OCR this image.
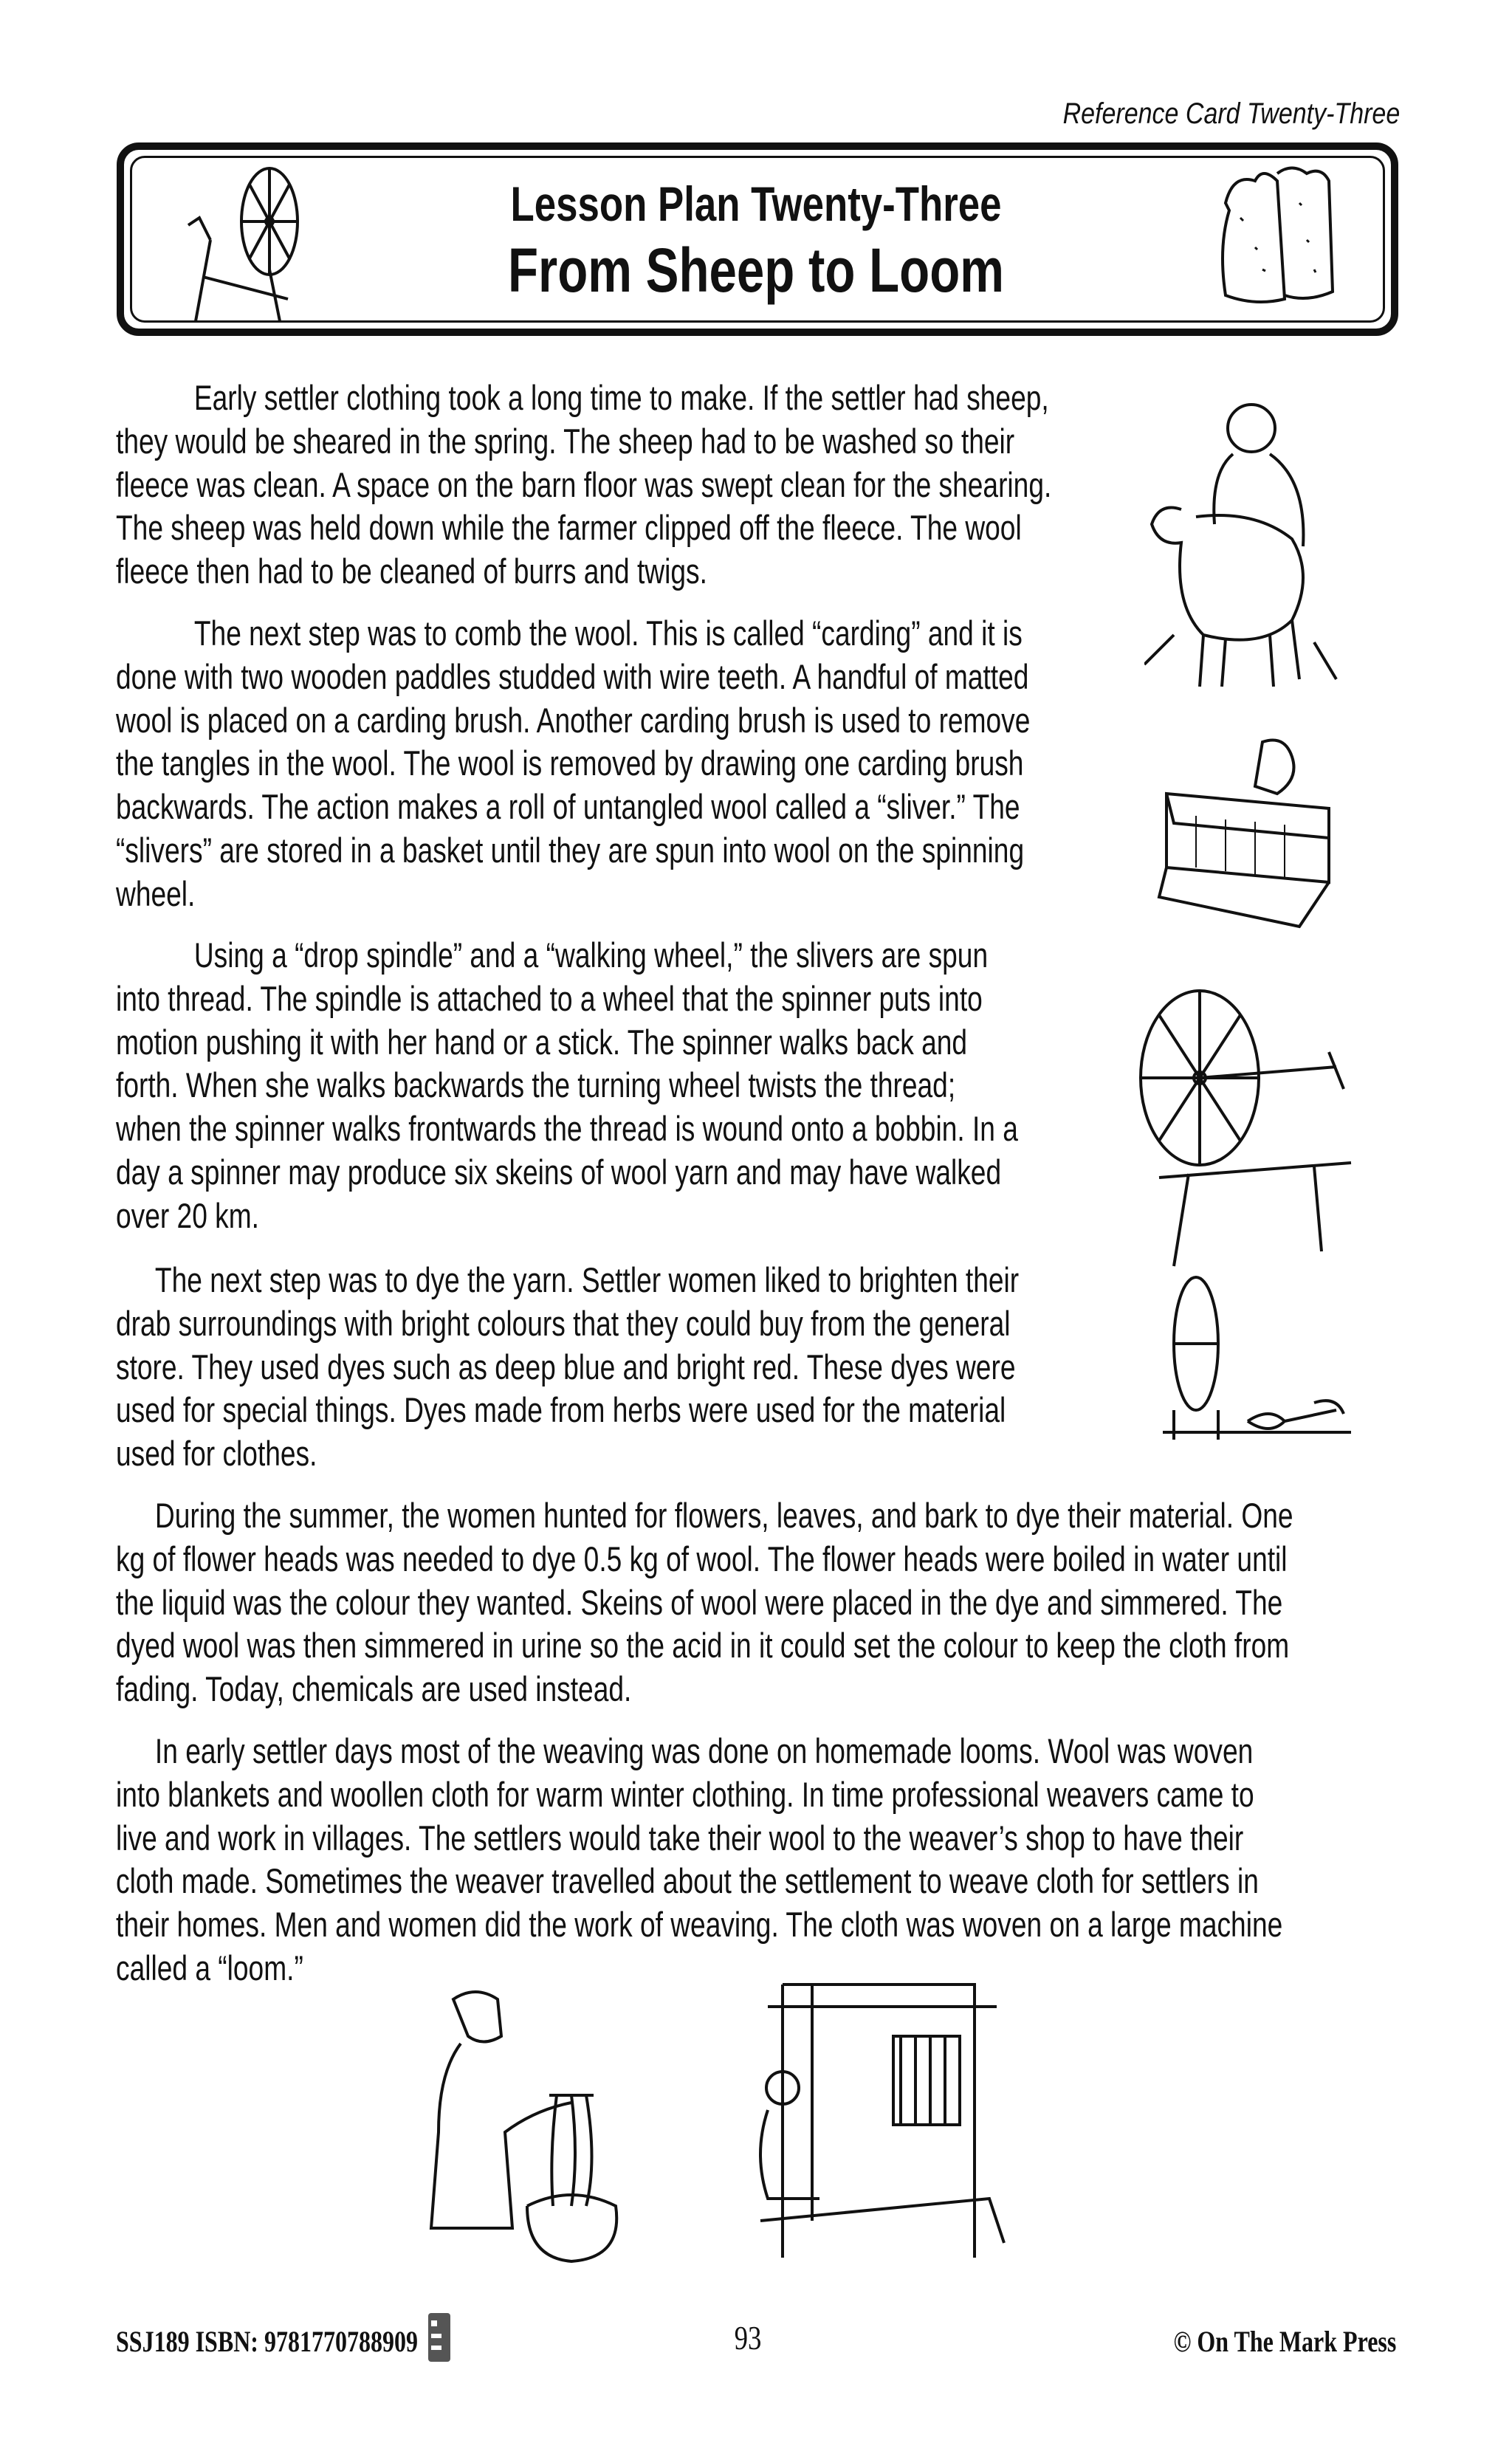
Reference Card Twenty-Three
Lesson Plan Twenty-Three
From Sheep to Loom
Early settler clothing took a long time to make. If the settler had sheep,
they would be sheared in the spring. The sheep had to be washed so their
fleece was clean. A space on the barn floor was swept clean for the shearing.
The sheep was held down while the farmer clipped off the fleece. The wool
fleece then had to be cleaned of burrs and twigs.
The next step was to comb the wool. This is called “carding” and it is
done with two wooden paddles studded with wire teeth. A handful of matted
wool is placed on a carding brush. Another carding brush is used to remove
the tangles in the wool. The wool is removed by drawing one carding brush
backwards. The action makes a roll of untangled wool called a “sliver.” The
“slivers” are stored in a basket until they are spun into wool on the spinning
wheel.
Using a “drop spindle” and a “walking wheel,” the slivers are spun
into thread. The spindle is attached to a wheel that the spinner puts into
motion pushing it with her hand or a stick. The spinner walks back and
forth. When she walks backwards the turning wheel twists the thread;
when the spinner walks frontwards the thread is wound onto a bobbin. In a
day a spinner may produce six skeins of wool yarn and may have walked
over 20 km.
The next step was to dye the yarn. Settler women liked to brighten their
drab surroundings with bright colours that they could buy from the general
store. They used dyes such as deep blue and bright red. These dyes were
used for special things. Dyes made from herbs were used for the material
used for clothes.
During the summer, the women hunted for flowers, leaves, and bark to dye their material. One
kg of flower heads was needed to dye 0.5 kg of wool. The flower heads were boiled in water until
the liquid was the colour they wanted. Skeins of wool were placed in the dye and simmered. The
dyed wool was then simmered in urine so the acid in it could set the colour to keep the cloth from
fading. Today, chemicals are used instead.
In early settler days most of the weaving was done on homemade looms. Wool was woven
into blankets and woollen cloth for warm winter clothing. In time professional weavers came to
live and work in villages. The settlers would take their wool to the weaver’s shop to have their
cloth made. Sometimes the weaver travelled about the settlement to weave cloth for settlers in
their homes. Men and women did the work of weaving. The cloth was woven on a large machine
called a “loom.”
SSJ189 ISBN: 9781770788909	93	© On The Mark Press
